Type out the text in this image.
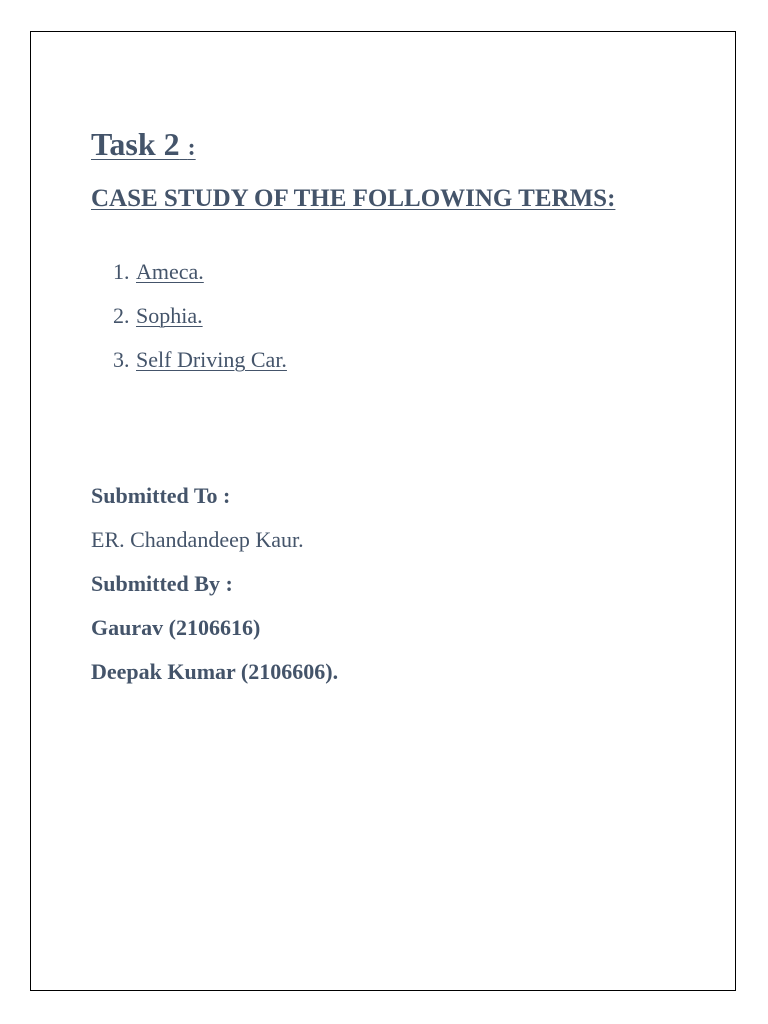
Task 2 :
CASE STUDY OF THE FOLLOWING TERMS:
1. Ameca.
2. Sophia.
3. Self Driving Car.
Submitted To :
ER. Chandandeep Kaur.
Submitted By :
Gaurav (2106616)
Deepak Kumar (2106606).
